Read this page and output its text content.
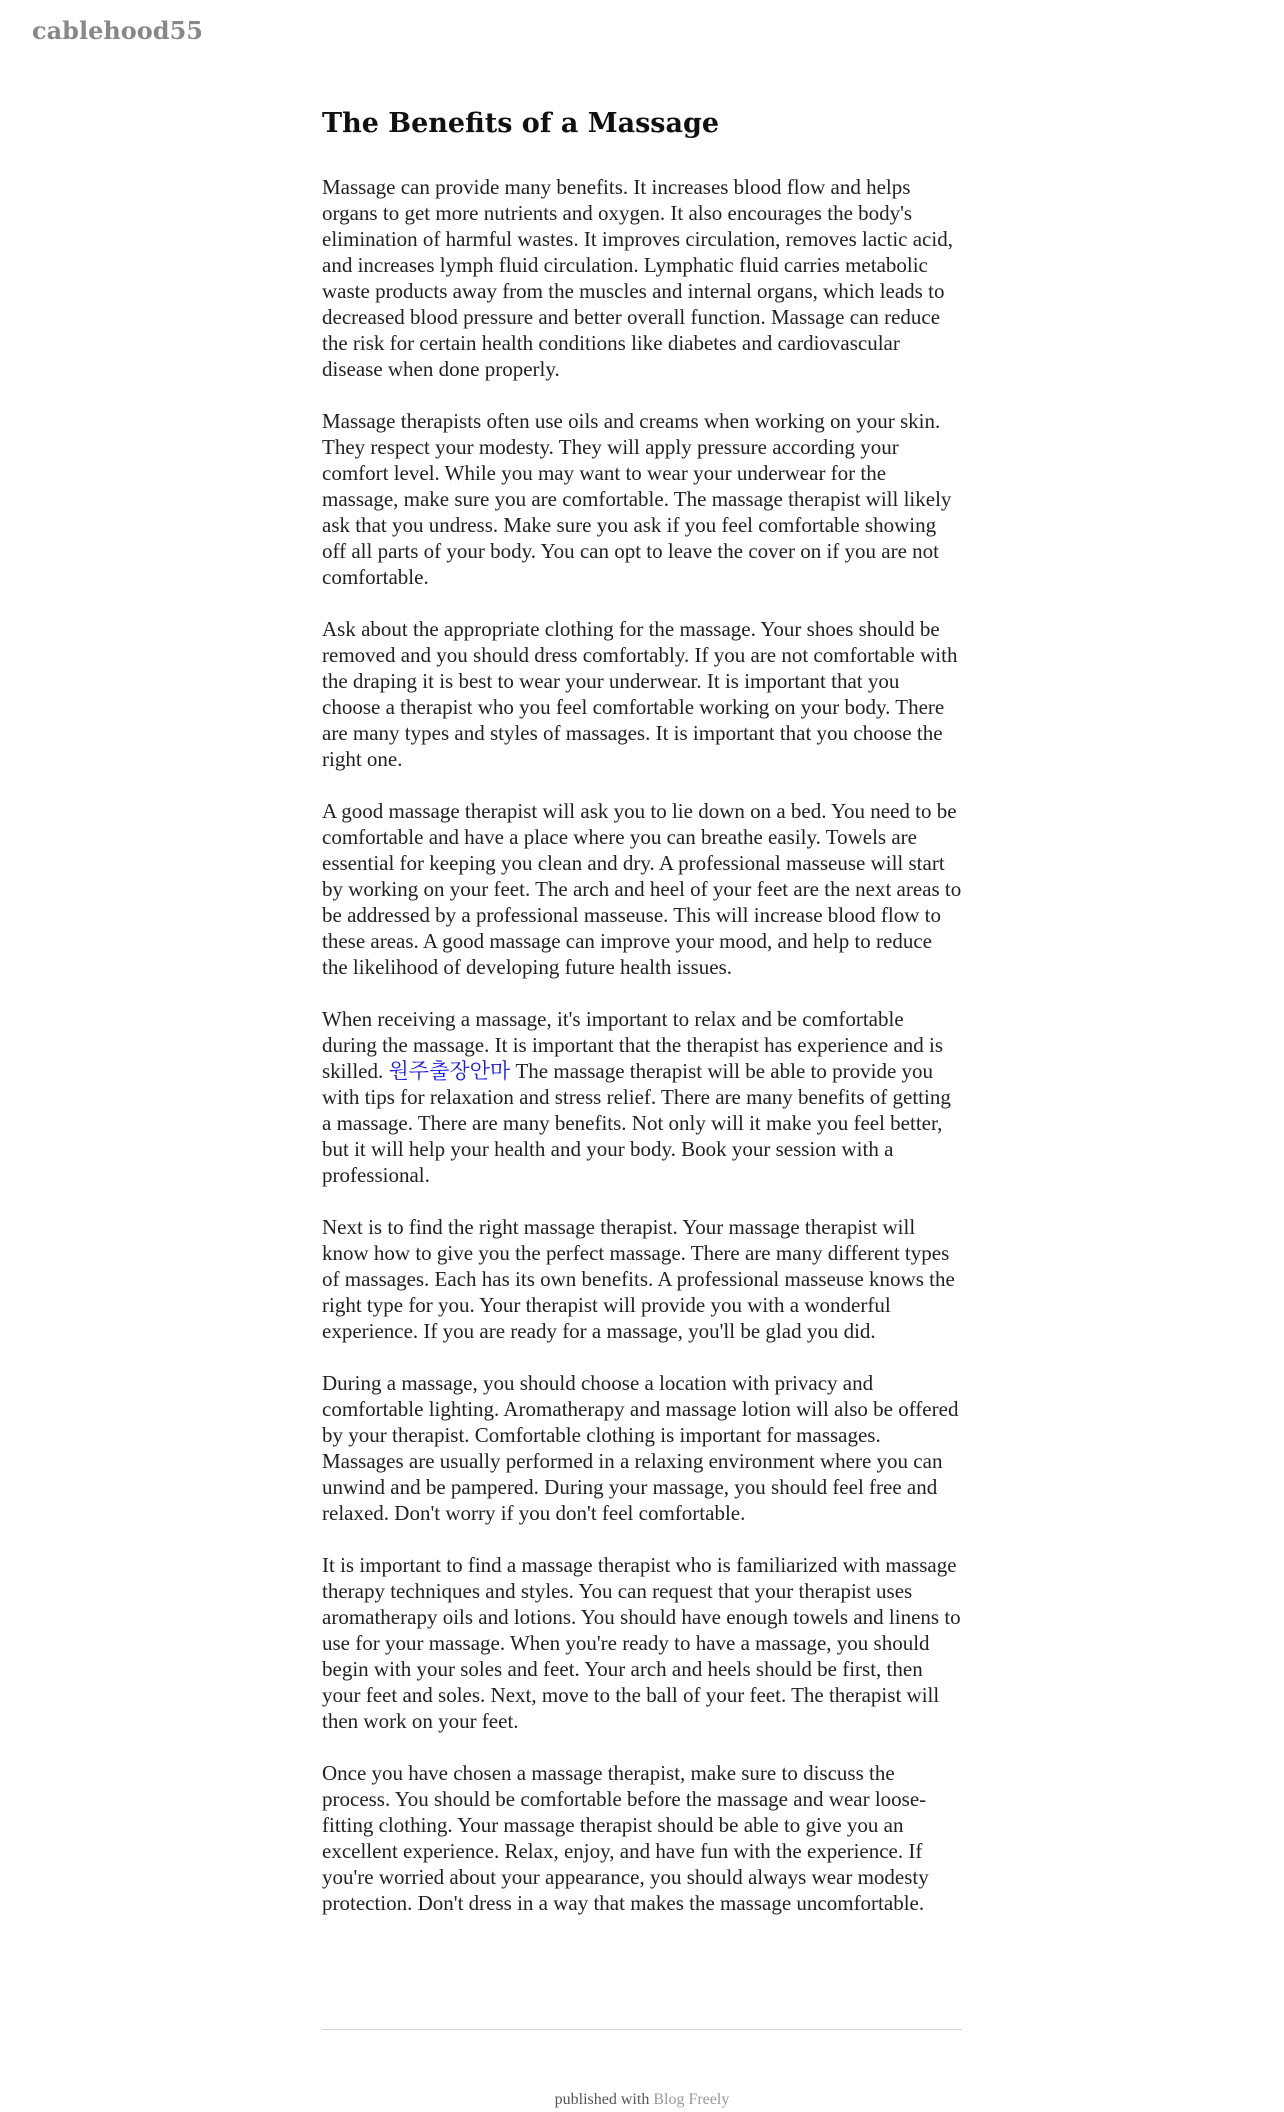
cablehood55
The Benefits of a Massage

Massage can provide many benefits. It increases blood flow and helps organs to get more nutrients and oxygen. It also encourages the body's elimination of harmful wastes. It improves circulation, removes lactic acid, and increases lymph fluid circulation. Lymphatic fluid carries metabolic waste products away from the muscles and internal organs, which leads to decreased blood pressure and better overall function. Massage can reduce the risk for certain health conditions like diabetes and cardiovascular disease when done properly.

Massage therapists often use oils and creams when working on your skin. They respect your modesty. They will apply pressure according your comfort level. While you may want to wear your underwear for the massage, make sure you are comfortable. The massage therapist will likely ask that you undress. Make sure you ask if you feel comfortable showing off all parts of your body. You can opt to leave the cover on if you are not comfortable.

Ask about the appropriate clothing for the massage. Your shoes should be removed and you should dress comfortably. If you are not comfortable with the draping it is best to wear your underwear. It is important that you choose a therapist who you feel comfortable working on your body. There are many types and styles of massages. It is important that you choose the right one.

A good massage therapist will ask you to lie down on a bed. You need to be comfortable and have a place where you can breathe easily. Towels are essential for keeping you clean and dry. A professional masseuse will start by working on your feet. The arch and heel of your feet are the next areas to be addressed by a professional masseuse. This will increase blood flow to these areas. A good massage can improve your mood, and help to reduce the likelihood of developing future health issues.

When receiving a massage, it's important to relax and be comfortable during the massage. It is important that the therapist has experience and is skilled. 원주출장안마 The massage therapist will be able to provide you with tips for relaxation and stress relief. There are many benefits of getting a massage. There are many benefits. Not only will it make you feel better, but it will help your health and your body. Book your session with a professional.

Next is to find the right massage therapist. Your massage therapist will know how to give you the perfect massage. There are many different types of massages. Each has its own benefits. A professional masseuse knows the right type for you. Your therapist will provide you with a wonderful experience. If you are ready for a massage, you'll be glad you did.

During a massage, you should choose a location with privacy and comfortable lighting. Aromatherapy and massage lotion will also be offered by your therapist. Comfortable clothing is important for massages. Massages are usually performed in a relaxing environment where you can unwind and be pampered. During your massage, you should feel free and relaxed. Don't worry if you don't feel comfortable.

It is important to find a massage therapist who is familiarized with massage therapy techniques and styles. You can request that your therapist uses aromatherapy oils and lotions. You should have enough towels and linens to use for your massage. When you're ready to have a massage, you should begin with your soles and feet. Your arch and heels should be first, then your feet and soles. Next, move to the ball of your feet. The therapist will then work on your feet.

Once you have chosen a massage therapist, make sure to discuss the process. You should be comfortable before the massage and wear loose-fitting clothing. Your massage therapist should be able to give you an excellent experience. Relax, enjoy, and have fun with the experience. If you're worried about your appearance, you should always wear modesty protection. Don't dress in a way that makes the massage uncomfortable.

published with Blog Freely
